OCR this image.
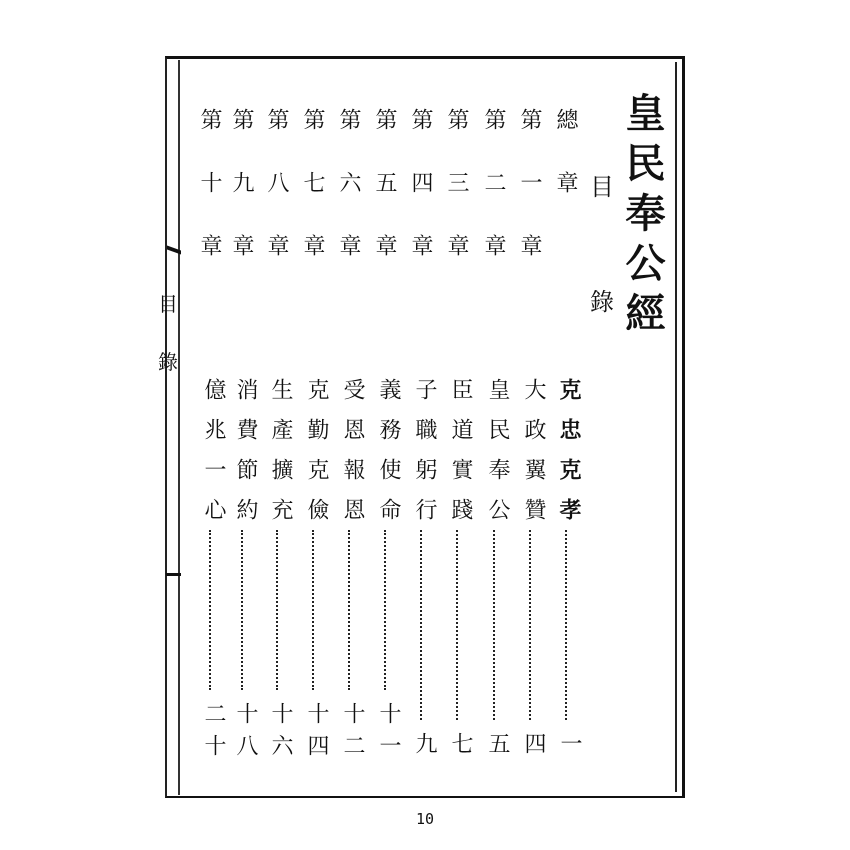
目
錄
皇民奉公經
目
錄
總章
克忠克孝
一
第一章
大政翼贊
四
第二章
皇民奉公
五
第三章
臣道實踐
七
第四章
子職躬行
九
第五章
義務使命
十一
第六章
受恩報恩
十二
第七章
克勤克儉
十四
第八章
生產擴充
十六
第九章
消費節約
十八
第十章
億兆一心
二十
10
